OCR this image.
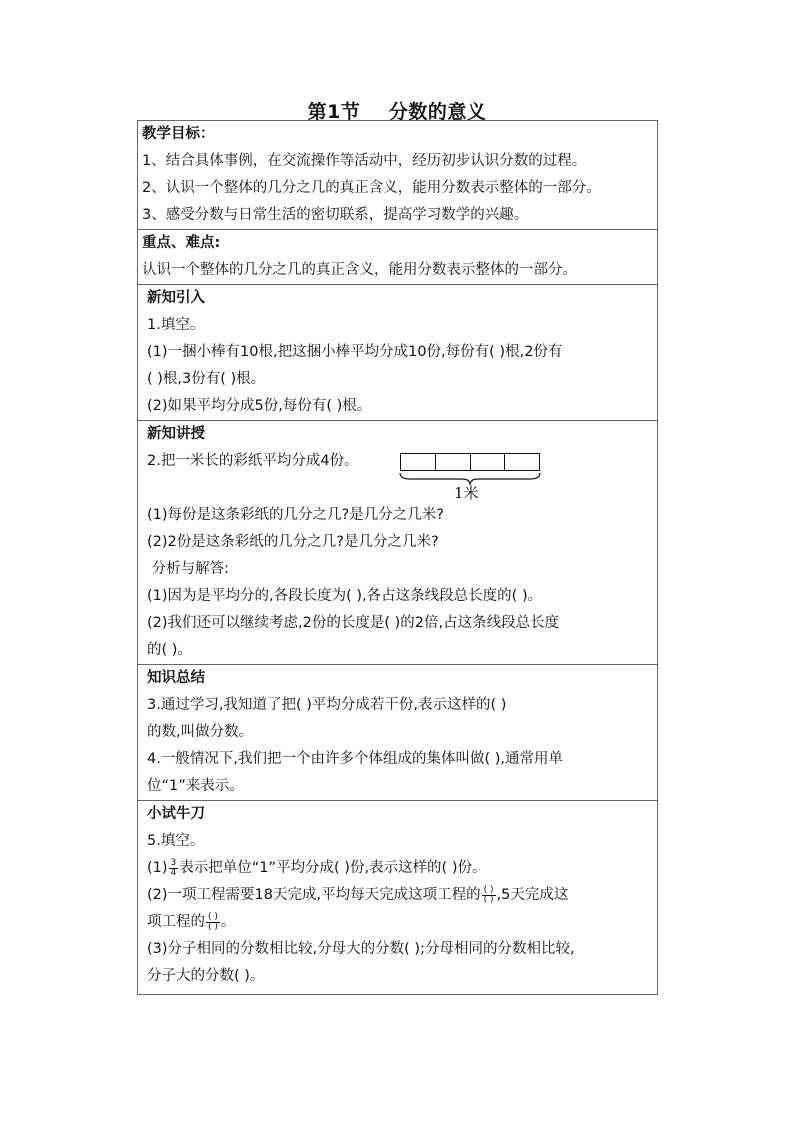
第1节    分数的意义
教学目标：
1、结合具体事例，在交流操作等活动中，经历初步认识分数的过程。
2、认识一个整体的几分之几的真正含义，能用分数表示整体的一部分。
3、感受分数与日常生活的密切联系，提高学习数学的兴趣。
重点、难点:
认识一个整体的几分之几的真正含义，能用分数表示整体的一部分。
新知引入
1.填空。
(1)一捆小棒有10根,把这捆小棒平均分成10份,每份有( )根,2份有
( )根,3份有( )根。
(2)如果平均分成5份,每份有( )根。
新知讲授
2.把一米长的彩纸平均分成4份。
1米
(1)每份是这条彩纸的几分之几?是几分之几米?
(2)2份是这条彩纸的几分之几?是几分之几米?
分析与解答:
(1)因为是平均分的,各段长度为( ),各占这条线段总长度的( )。
(2)我们还可以继续考虑,2份的长度是( )的2倍,占这条线段总长度
的( )。
知识总结
3.通过学习,我知道了把( )平均分成若干份,表示这样的( )
的数,叫做分数。
4.一般情况下,我们把一个由许多个体组成的集体叫做( ),通常用单
位“1”来表示。
小试牛刀
5.填空。
$(1) \frac{3}{4}$ 表示把单位“1”平均分成( )份,表示这样的( )份。
(2)一项工程需要18天完成,平均每天完成这项工程的 $\frac{( )}{( )} ,5$天完成这
项工程的 $\frac{( )}{( )}$ 。
(3)分子相同的分数相比较,分母大的分数( );分母相同的分数相比较,
分子大的分数( )。
